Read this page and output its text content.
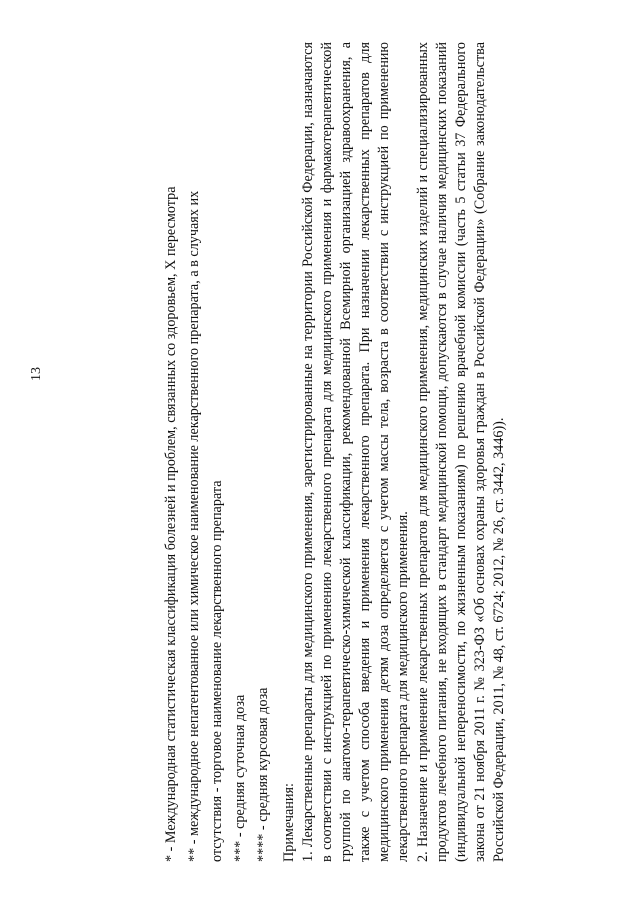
13	* - Международная статистическая классификация болезней и проблем, связанных со здоровьем, X пересмотра ** - международное непатентованное или химическое наименование лекарственного препарата, а в случаях их отсутствия - торговое наименование лекарственного препарата *** - средняя суточная доза **** - средняя курсовая доза Примечания: 1. Лекарственные препараты для медицинского применения, зарегистрированные на территории Российской Федерации, назначаются в соответствии с инструкцией по применению лекарственного препарата для медицинского применения и фармакотерапевтической группой по анатомо-терапевтическо-химической классификации, рекомендованной Всемирной организацией здравоохранения, а также с учетом способа введения и применения лекарственного препарата. При назначении лекарственных препаратов для медицинского применения детям доза определяется с учетом массы тела, возраста в соответствии с инструкцией по применению лекарственного препарата для медицинского применения. 2. Назначение и применение лекарственных препаратов для медицинского применения, медицинских изделий и специализированных продуктов лечебного питания, не входящих в стандарт медицинской помощи, допускаются в случае наличия медицинских показаний (индивидуальной непереносимости, по жизненным показаниям) по решению врачебной комиссии (часть 5 статьи 37 Федерального закона от 21 ноября 2011 г. № 323-ФЗ «Об основах охраны здоровья граждан в Российской Федерации» (Собрание законодательства Российской Федерации, 2011, № 48, ст. 6724; 2012, № 26, ст. 3442, 3446)).
